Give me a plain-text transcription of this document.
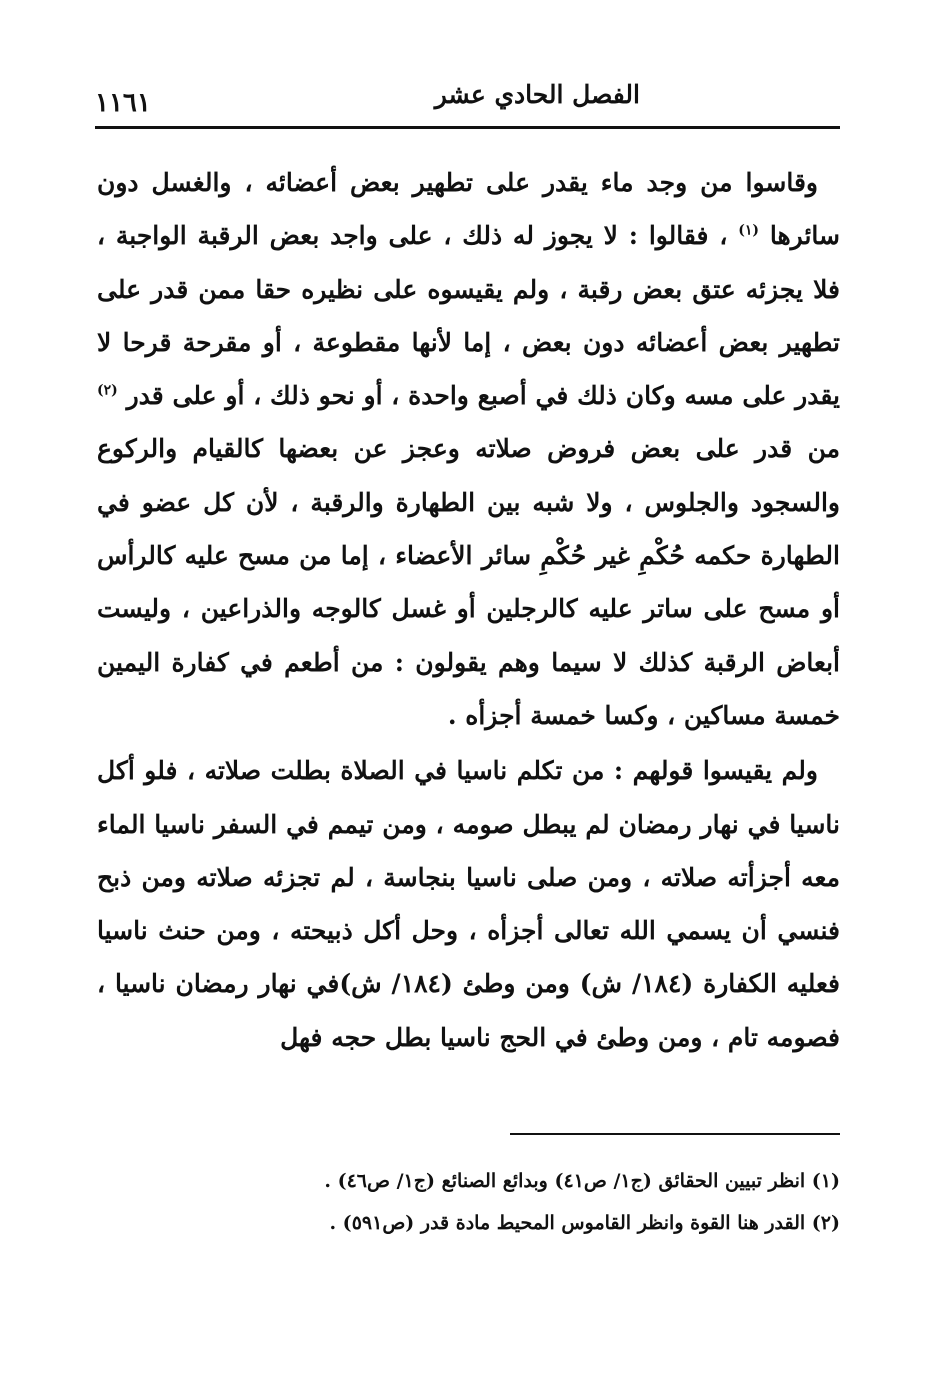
الفصل الحادي عشر
١١٦١

وقاسوا من وجد ماء يقدر على تطهير بعض أعضائه ، والغسل دون سائرها $^{(١)}$ ، فقالوا : لا يجوز له ذلك ، على واجد بعض الرقبة الواجبة ، فلا يجزئه عتق بعض رقبة ، ولم يقيسوه على نظيره حقا ممن قدر على تطهير بعض أعضائه دون بعض ، إما لأنها مقطوعة ، أو مقرحة قرحا لا يقدر على مسه وكان ذلك في أصبع واحدة ، أو نحو ذلك ، أو على قدر $^{(٢)}$ من قدر على بعض فروض صلاته وعجز عن بعضها كالقيام والركوع والسجود والجلوس ، ولا شبه بين الطهارة والرقبة ، لأن كل عضو في الطهارة حكمه حُكْمِ غير حُكْمِ سائر الأعضاء ، إما من مسح عليه كالرأس أو مسح على ساتر عليه كالرجلين أو غسل كالوجه والذراعين ، وليست أبعاض الرقبة كذلك لا سيما وهم يقولون : من أطعم في كفارة اليمين خمسة مساكين ، وكسا خمسة أجزأه .

ولم يقيسوا قولهم : من تكلم ناسيا في الصلاة بطلت صلاته ، فلو أكل ناسيا في نهار رمضان لم يبطل صومه ، ومن تيمم في السفر ناسيا الماء معه أجزأته صلاته ، ومن صلى ناسيا بنجاسة ، لم تجزئه صلاته ومن ذبح فنسي أن يسمي الله تعالى أجزأه ، وحل أكل ذبيحته ، ومن حنث ناسيا فعليه الكفارة (١٨٤/ ش) ومن وطئ (١٨٤/ ش)في نهار رمضان ناسيا ، فصومه تام ، ومن وطئ في الحج ناسيا بطل حجه فهل

(١) انظر تبيين الحقائق (ج١/ ص٤١) وبدائع الصنائع (ج١/ ص٤٦) .
(٢) القدر هنا القوة وانظر القاموس المحيط مادة قدر (ص٥٩١) .
